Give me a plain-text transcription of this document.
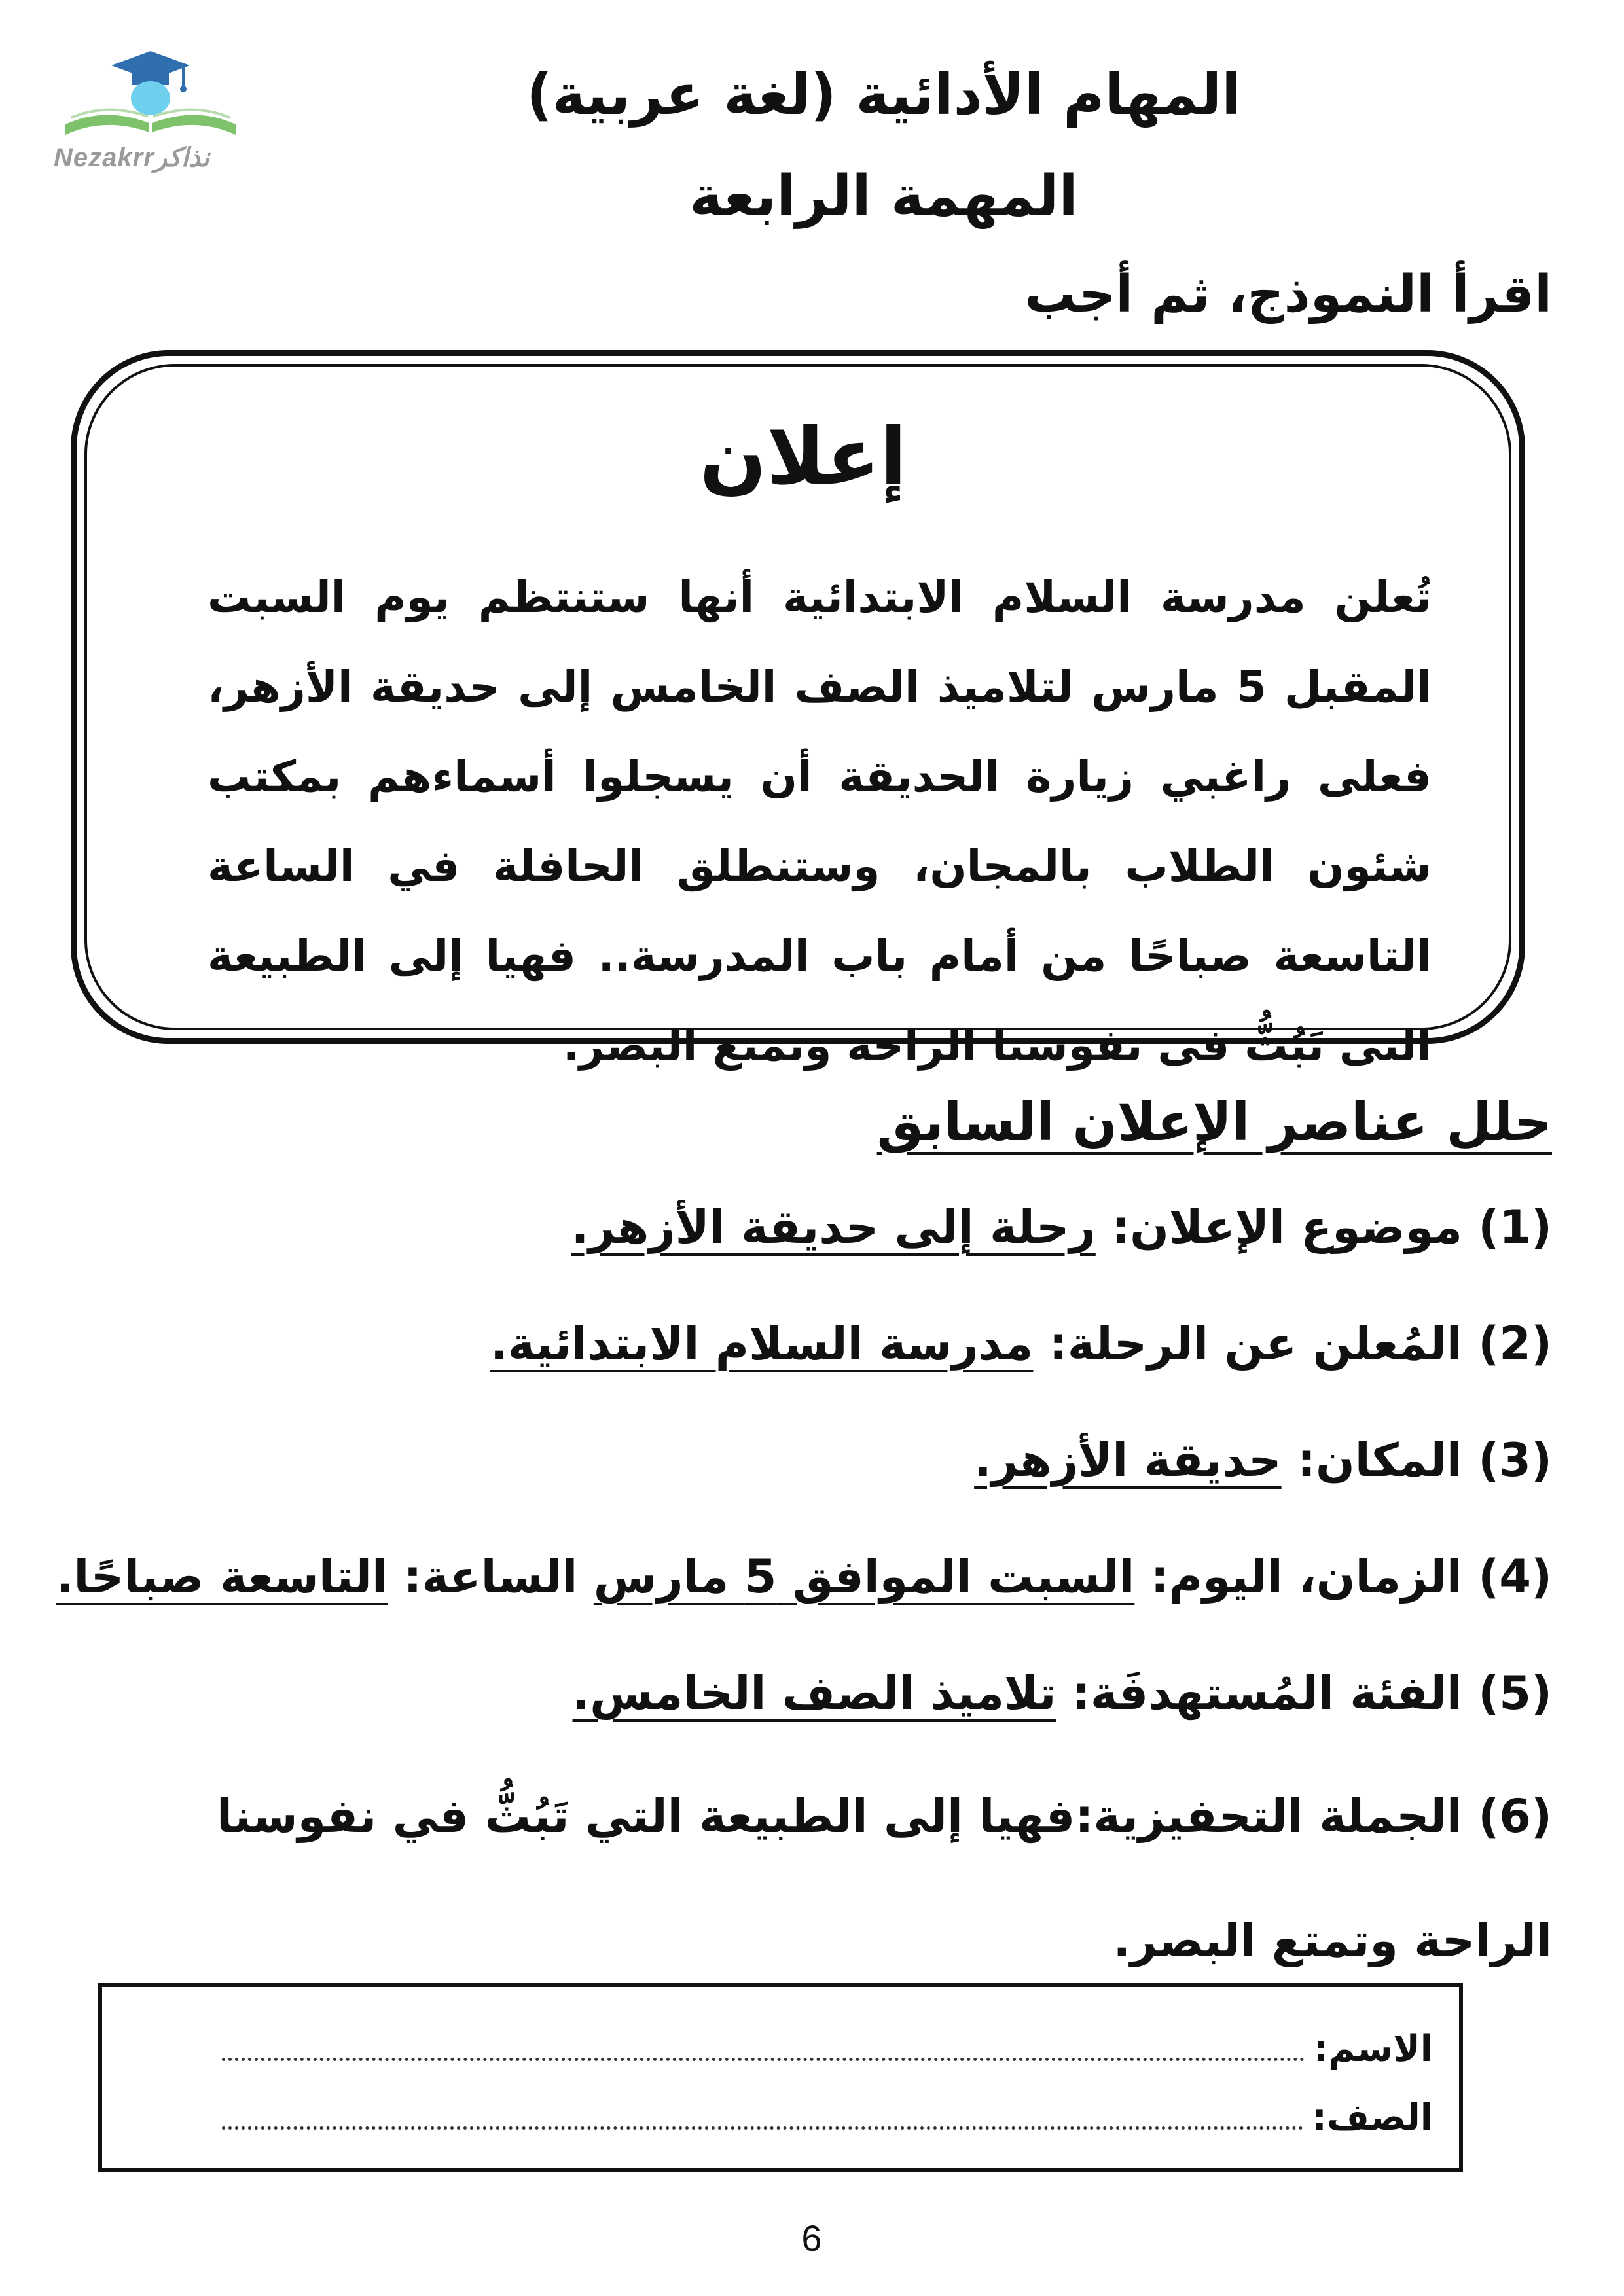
Nezakrrنذاكر
المهام الأدائية (لغة عربية)
المهمة الرابعة
اقرأ النموذج، ثم أجب
إعلان
تُعلن مدرسة السلام الابتدائية أنها ستنتظم يوم السبت المقبل 5 مارس لتلاميذ الصف الخامس إلى حديقة الأزهر، فعلى راغبي زيارة الحديقة أن يسجلوا أسماءهم بمكتب شئون الطلاب بالمجان، وستنطلق الحافلة في الساعة التاسعة صباحًا من أمام باب المدرسة.. فهيا إلى الطبيعة التى تَبُثُّ فى نفوسنا الراحة وتمتع البصر.
حلل عناصر الإعلان السابق
(1) موضوع الإعلان: رحلة إلى حديقة الأزهر.
(2) المُعلن عن الرحلة: مدرسة السلام الابتدائية.
(3) المكان: حديقة الأزهر.
(4) الزمان، اليوم: السبت الموافق 5 مارس الساعة: التاسعة صباحًا.
(5) الفئة المُستهدفَة: تلاميذ الصف الخامس.
(6) الجملة التحفيزية:فهيا إلى الطبيعة التي تَبُثُّ في نفوسنا الراحة وتمتع البصر.
الاسم:
الصف:
6
